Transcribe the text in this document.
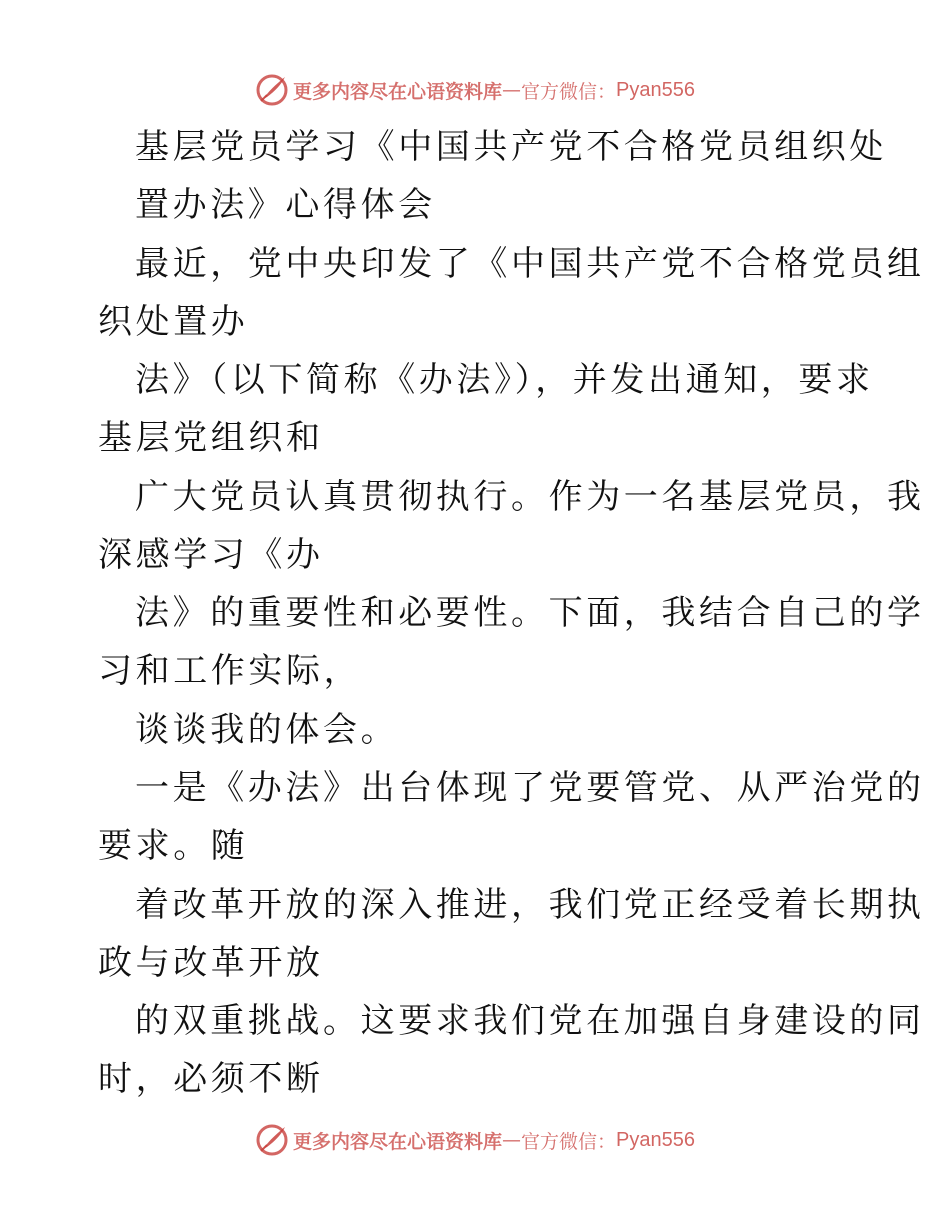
更多内容尽在心语资料库 — 官方微信： Pyan556
基层党员学习《中国共产党不合格党员组织处
置办法》心得体会
最近，党中央印发了《中国共产党不合格党员组
织处置办
法》（以下简称《办法》），并发出通知，要求
基层党组织和
广大党员认真贯彻执行。作为一名基层党员，我
深感学习《办
法》的重要性和必要性。下面，我结合自己的学
习和工作实际，
谈谈我的体会。
一是《办法》出台体现了党要管党、从严治党的
要求。随
着改革开放的深入推进，我们党正经受着长期执
政与改革开放
的双重挑战。这要求我们党在加强自身建设的同
时，必须不断
更多内容尽在心语资料库 — 官方微信： Pyan556
